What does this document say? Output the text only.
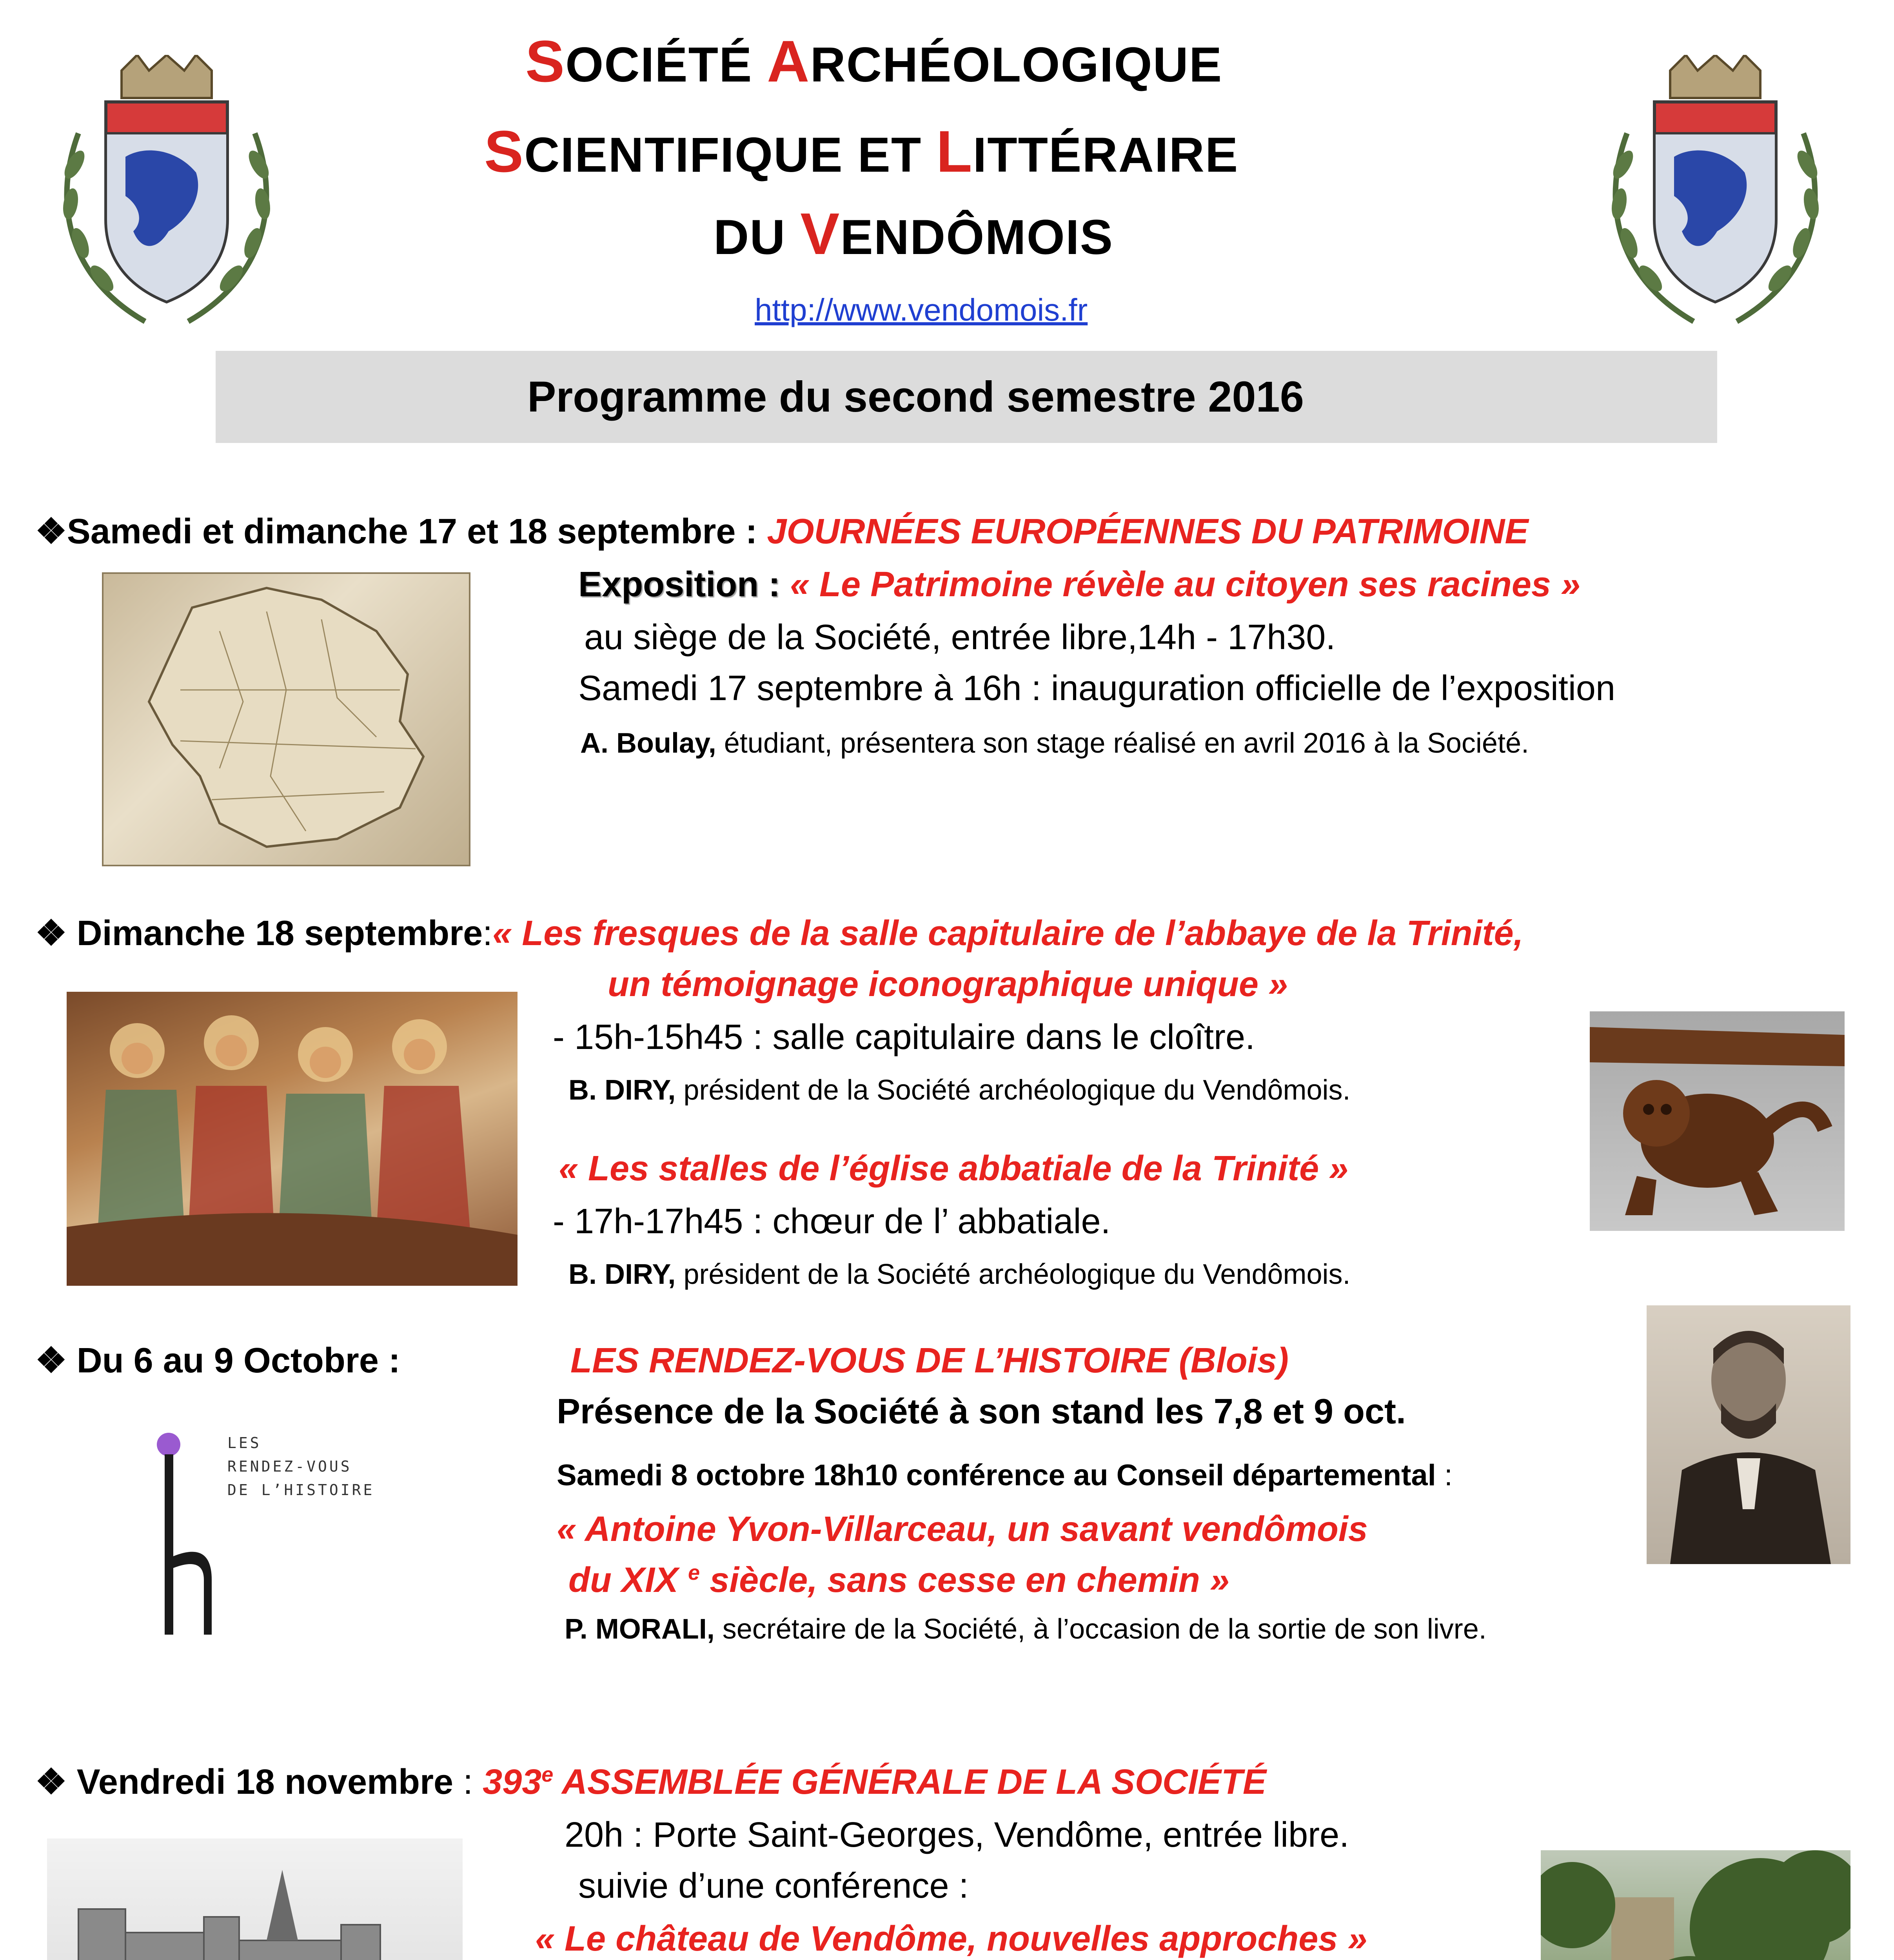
SOCIÉTÉ ARCHÉOLOGIQUE
SCIENTIFIQUE ET LITTÉRAIRE
DU VENDÔMOIS
http://www.vendomois.fr
Programme du second semestre 2016
❖Samedi et dimanche 17 et 18 septembre : JOURNÉ́ES EUROPÉENNES DU PATRIMOINE
Exposition : « Le Patrimoine révèle au citoyen ses racines »
au siège de la Société, entrée libre,14h - 17h30.
Samedi 17 septembre à 16h : inauguration officielle de l’exposition
A. Boulay, étudiant, présentera son stage réalisé en avril 2016 à la Société.
❖ Dimanche 18 septembre:« Les fresques de la salle capitulaire de l’abbaye de la Trinité,
un témoignage iconographique unique »
- 15h-15h45 : salle capitulaire dans le cloître.
B. DIRY, président de la Société archéologique du Vendômois.
« Les stalles de l’église abbatiale de la Trinité »
- 17h-17h45 : chœur de l’ abbatiale.
B. DIRY, président de la Société archéologique du Vendômois.
❖ Du 6 au 9 Octobre :	LES RENDEZ-VOUS DE L’HISTOIRE (Blois)
Présence de la Société à son stand les 7,8 et 9 oct.
Samedi 8 octobre 18h10 conférence au Conseil départemental :
« Antoine Yvon-Villarceau, un savant vendômois
du XIX $^e$ siècle, sans cesse en chemin »
P. MORALI, secrétaire de la Société, à l’occasion de la sortie de son livre.
LES
RENDEZ-VOUS
DE L’HISTOIRE
❖ Vendredi 18 novembre : 393e ASSEMBLÉE GÉNÉRALE DE LA SOCIÉTÉ
20h : Porte Saint-Georges, Vendôme, entrée libre.
suivie d’une conférence :
« Le château de Vendôme, nouvelles approches »
